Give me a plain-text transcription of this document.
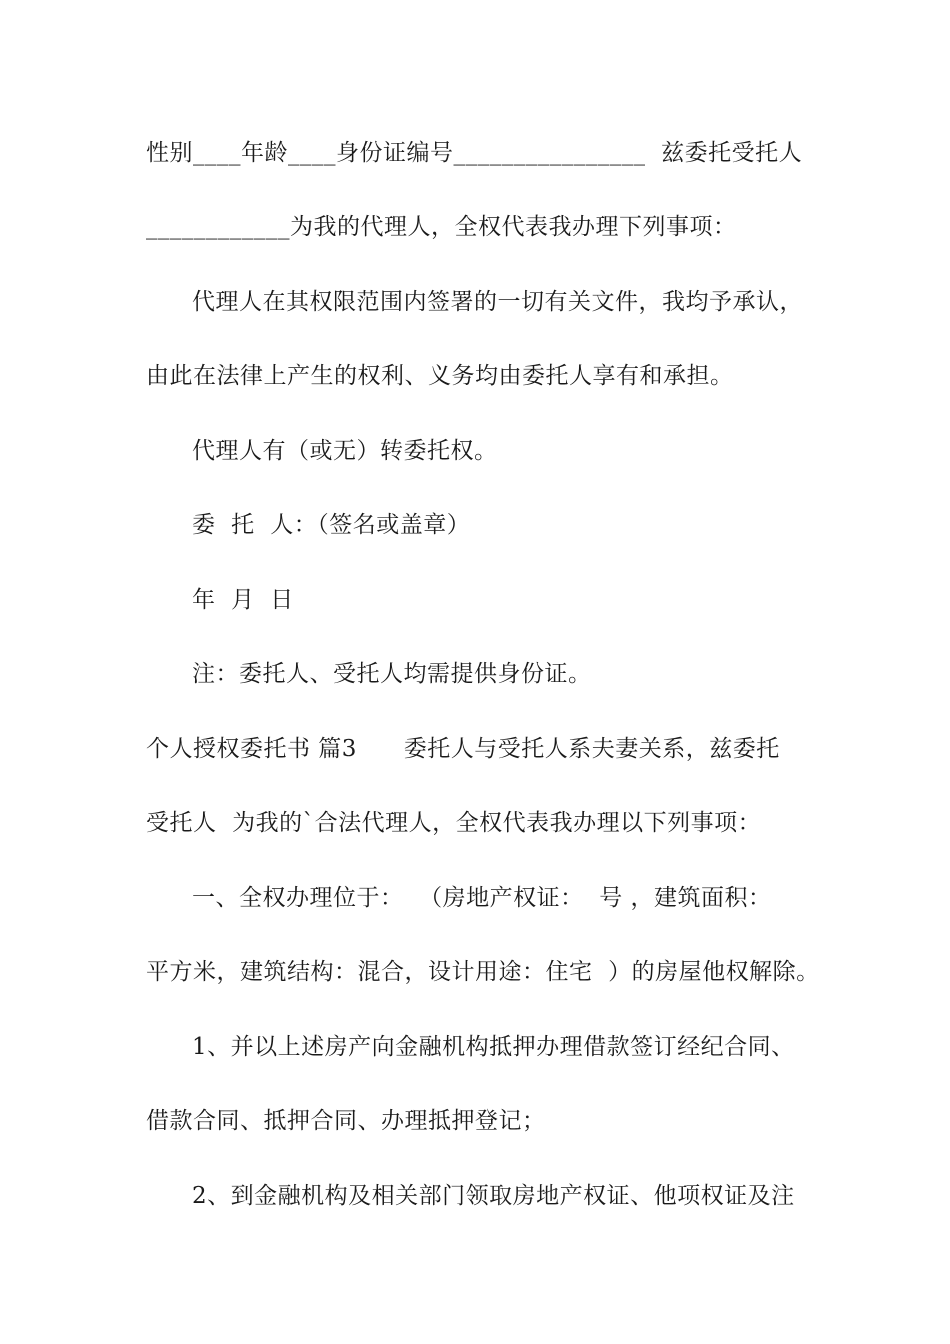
性别____年龄____身份证编号________________  兹委托受托人
____________为我的代理人，全权代表我办理下列事项：
代理人在其权限范围内签署的一切有关文件，我均予承认，
由此在法律上产生的权利、义务均由委托人享有和承担。
代理人有（或无）转委托权。
委  托  人：（签名或盖章）
年  月  日
注：委托人、受托人均需提供身份证。
个人授权委托书 篇3      委托人与受托人系夫妻关系，兹委托
受托人  为我的`合法代理人，全权代表我办理以下列事项：
一、全权办理位于：  （房地产权证：  号 ，建筑面积：
平方米，建筑结构：混合，设计用途：住宅  ）的房屋他权解除。
1、并以上述房产向金融机构抵押办理借款签订经纪合同、
借款合同、抵押合同、办理抵押登记；
2、到金融机构及相关部门领取房地产权证、他项权证及注
